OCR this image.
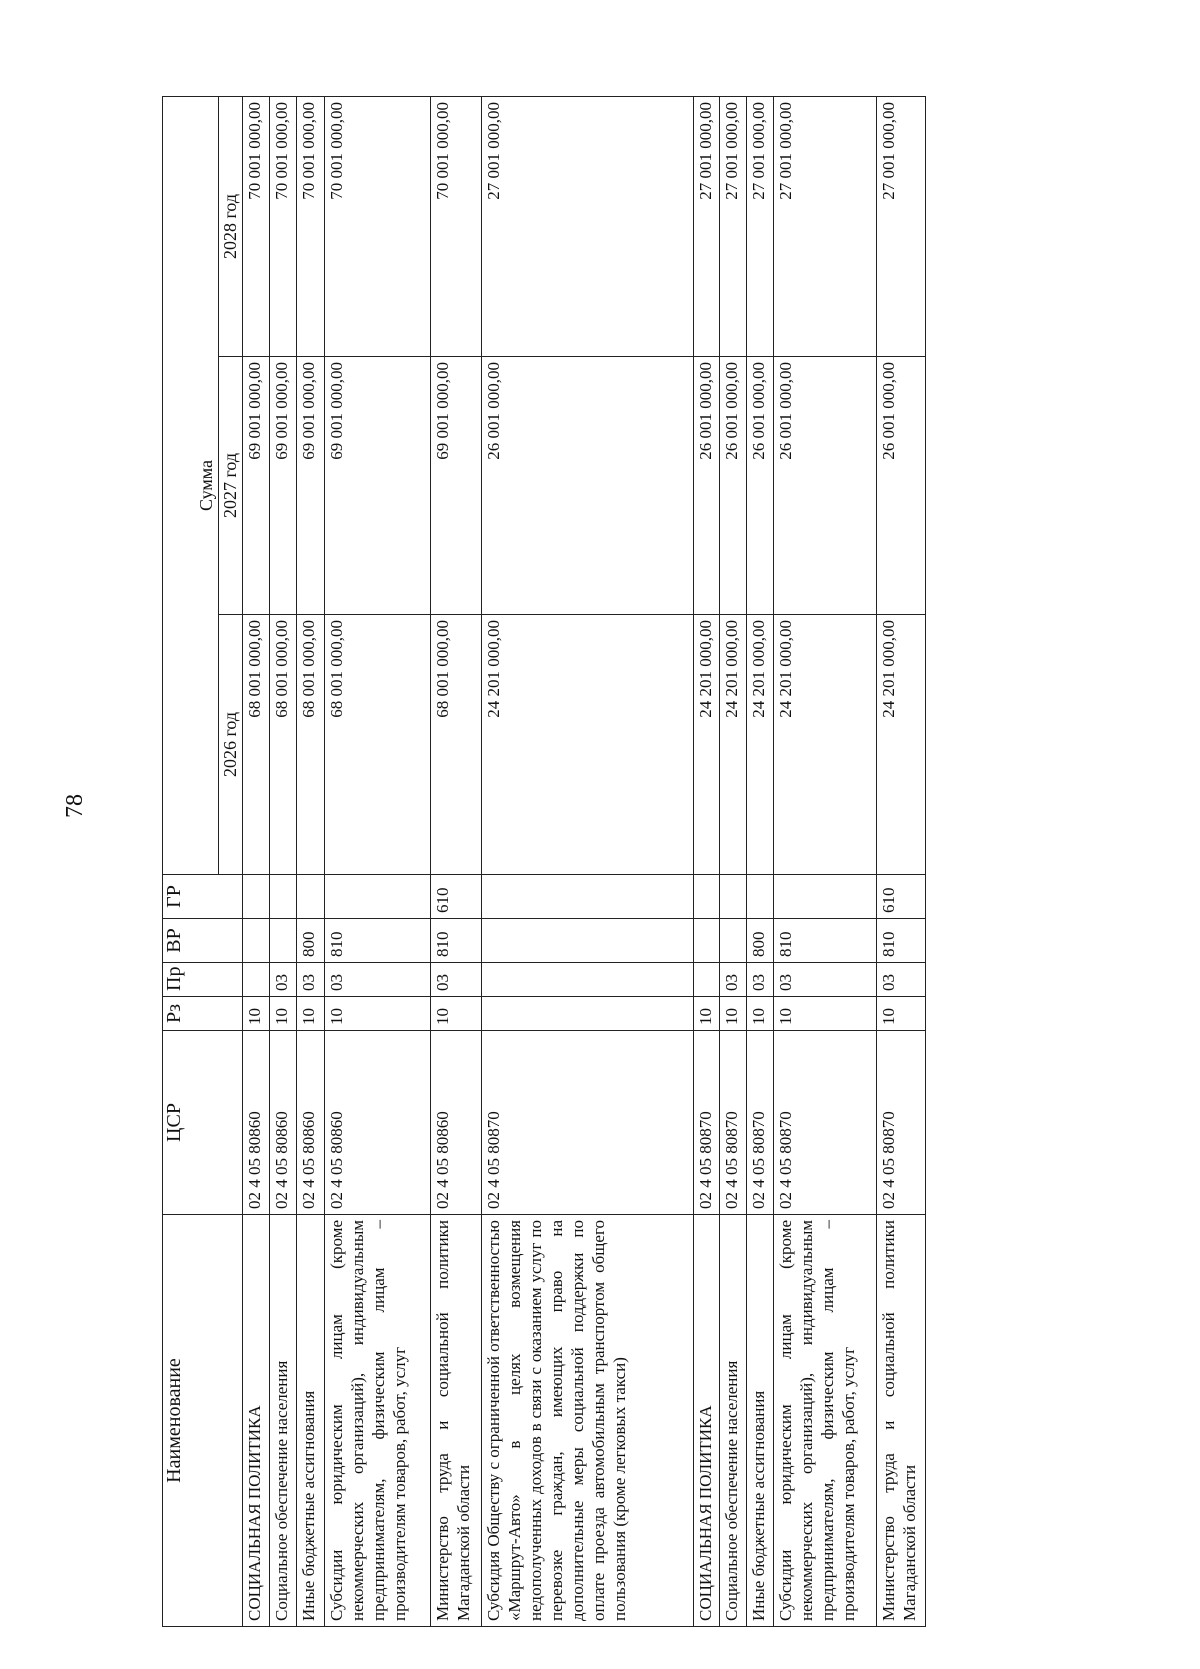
78
Наименование	ЦСР	Рз	Пр	ВР	ГР	Сумма		
						2026 год	2027 год	2028 год
СОЦИАЛЬНАЯ ПОЛИТИКА	02 4 05 80860	10				68 001 000,00	69 001 000,00	70 001 000,00
Социальное обеспечение населения	02 4 05 80860	10	03			68 001 000,00	69 001 000,00	70 001 000,00
Иные бюджетные ассигнования	02 4 05 80860	10	03	800		68 001 000,00	69 001 000,00	70 001 000,00
Субсидии юридическим лицам (кроме некоммерческих организаций), индивидуальным предпринимателям, физическим лицам – производителям товаров, работ, услуг	02 4 05 80860	10	03	810		68 001 000,00	69 001 000,00	70 001 000,00
Министерство труда и социальной политики Магаданской области	02 4 05 80860	10	03	810	610	68 001 000,00	69 001 000,00	70 001 000,00
Субсидия Обществу с ограниченной ответственностью «Маршрут-Авто» в целях возмещения недополученных доходов в связи с оказанием услуг по перевозке граждан, имеющих право на дополнительные меры социальной поддержки по оплате проезда автомобильным транспортом общего пользования (кроме легковых такси)	02 4 05 80870					24 201 000,00	26 001 000,00	27 001 000,00
СОЦИАЛЬНАЯ ПОЛИТИКА	02 4 05 80870	10				24 201 000,00	26 001 000,00	27 001 000,00
Социальное обеспечение населения	02 4 05 80870	10	03			24 201 000,00	26 001 000,00	27 001 000,00
Иные бюджетные ассигнования	02 4 05 80870	10	03	800		24 201 000,00	26 001 000,00	27 001 000,00
Субсидии юридическим лицам (кроме некоммерческих организаций), индивидуальным предпринимателям, физическим лицам – производителям товаров, работ, услуг	02 4 05 80870	10	03	810		24 201 000,00	26 001 000,00	27 001 000,00
Министерство труда и социальной политики Магаданской области	02 4 05 80870	10	03	810	610	24 201 000,00	26 001 000,00	27 001 000,00
